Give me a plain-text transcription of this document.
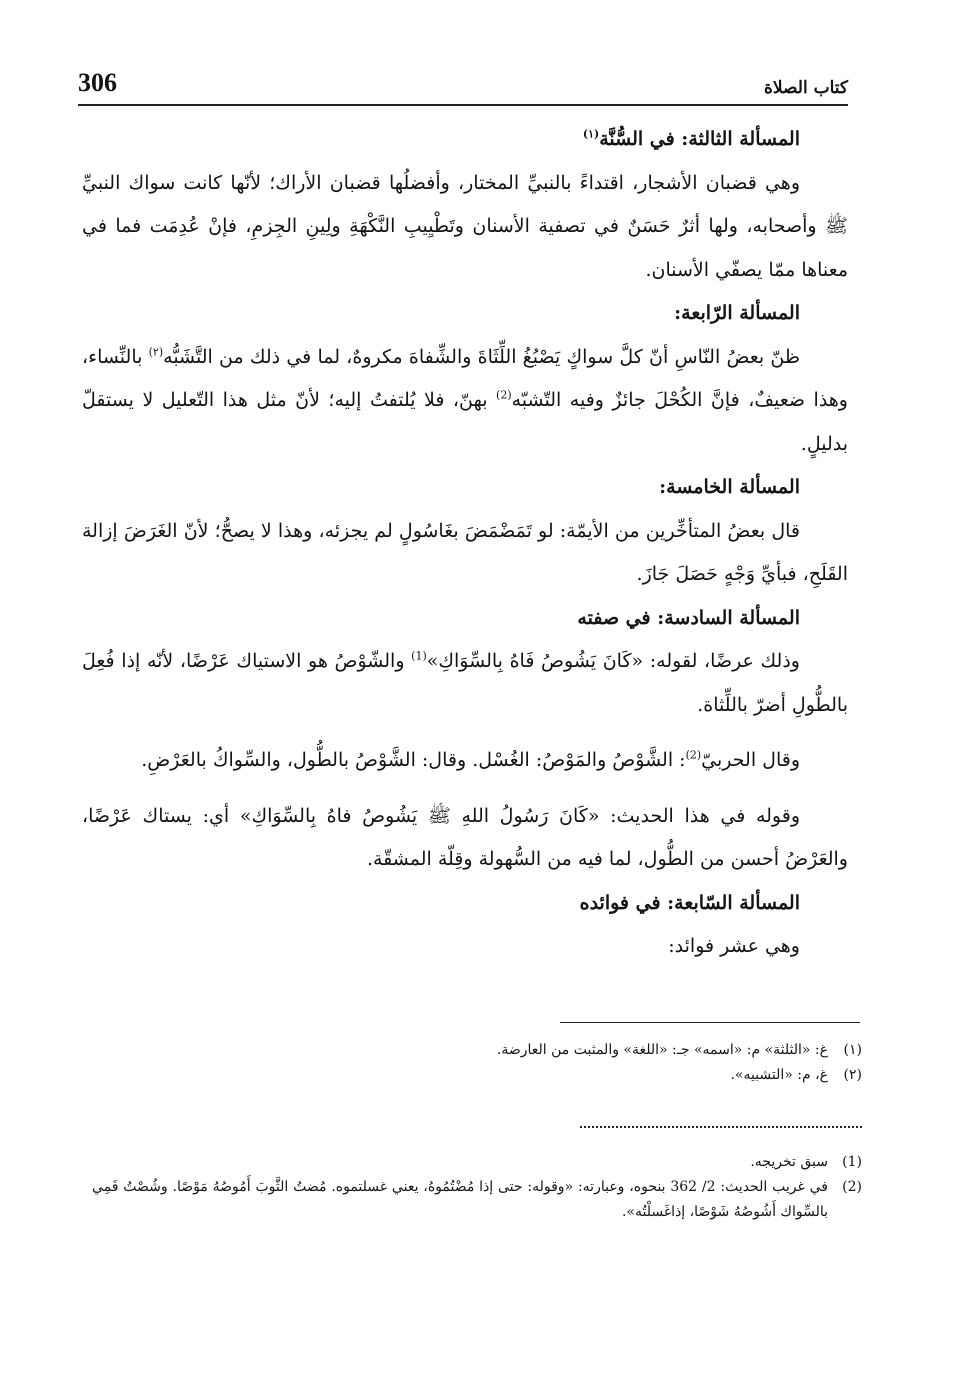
306	كتاب الصلاة

المسألة الثالثة: في السُّنَّة$^{(١)}$

وهي قضبان الأشجار، اقتداءً بالنبيِّ المختار، وأفضلُها قضبان الأراك؛ لأنّها كانت سواك النبيِّ ﷺ وأصحابه، ولها أثرٌ حَسَنٌ في تصفية الأسنان وتَطْيِيبِ النَّكْهَةِ ولِينِ الجِزمِ، فإنْ عُدِمَت فما في معناها ممّا يصفّي الأسنان.

المسألة الرّابعة:

ظنّ بعضُ النّاسِ أنّ كلَّ سواكٍ يَصْبُغُ اللِّثَاةَ والشِّفاهَ مكروهٌ، لما في ذلك من التَّشَبُّه$^{(٢)}$ بالنِّساء، وهذا ضعيفٌ، فإنَّ الكُحْلَ جائزٌ وفيه التّشبّه$^{(2)}$ بهنّ، فلا يُلتفتُ إليه؛ لأنّ مثل هذا التّعليل لا يستقلّ بدليلٍ.

المسألة الخامسة:

قال بعضُ المتأخِّرين من الأيمّة: لو تَمَضْمَضَ بغَاسُولٍ لم يجزئه، وهذا لا يصحُّ؛ لأنّ الغَرَضَ إزالة القَلَحِ، فبأيِّ وَجْهٍ حَصَلَ جَازَ.

المسألة السادسة: في صفته

وذلك عرضًا، لقوله: «كَانَ يَشُوصُ فَاهُ بِالسِّوَاكِ»$^{(1)}$ والشّوْصُ هو الاستياك عَرْضًا، لأنّه إذا فُعِلَ بالطُّولِ أضرّ باللِّثاة.

وقال الحربيّ$^{(2)}$: الشَّوْصُ والمَوْصُ: الغُسْل. وقال: الشَّوْصُ بالطُّول، والسِّواكُ بالعَرْضِ.

وقوله في هذا الحديث: «كَانَ رَسُولُ اللهِ ﷺ يَشُوصُ فاهُ بِالسِّوَاكِ» أي: يستاك عَرْضًا، والعَرْضُ أحسن من الطُّول، لما فيه من السُّهولة وقِلّة المشقّة.

المسألة السّابعة: في فوائده

وهي عشر فوائد:

(١)
غ: «الثلثة» م: «اسمه» جـ: «اللغة» والمثبت من العارضة.
(٢)
غ، م: «التشبيه».
(1)
سبق تخريجه.
(2)
في غريب الحديث: 2/ 362 بنحوه، وعبارته: «وقوله: حتى إذا مُضْتُمُوهُ، يعني غسلتموه. مُضتُ الثَّوبَ أَمُوصُهُ مَوْصًا. وشُصْتُ فَمِي بالسِّواك أَشُوصُهُ شَوْصًا، إذاغَسلْتُه».
